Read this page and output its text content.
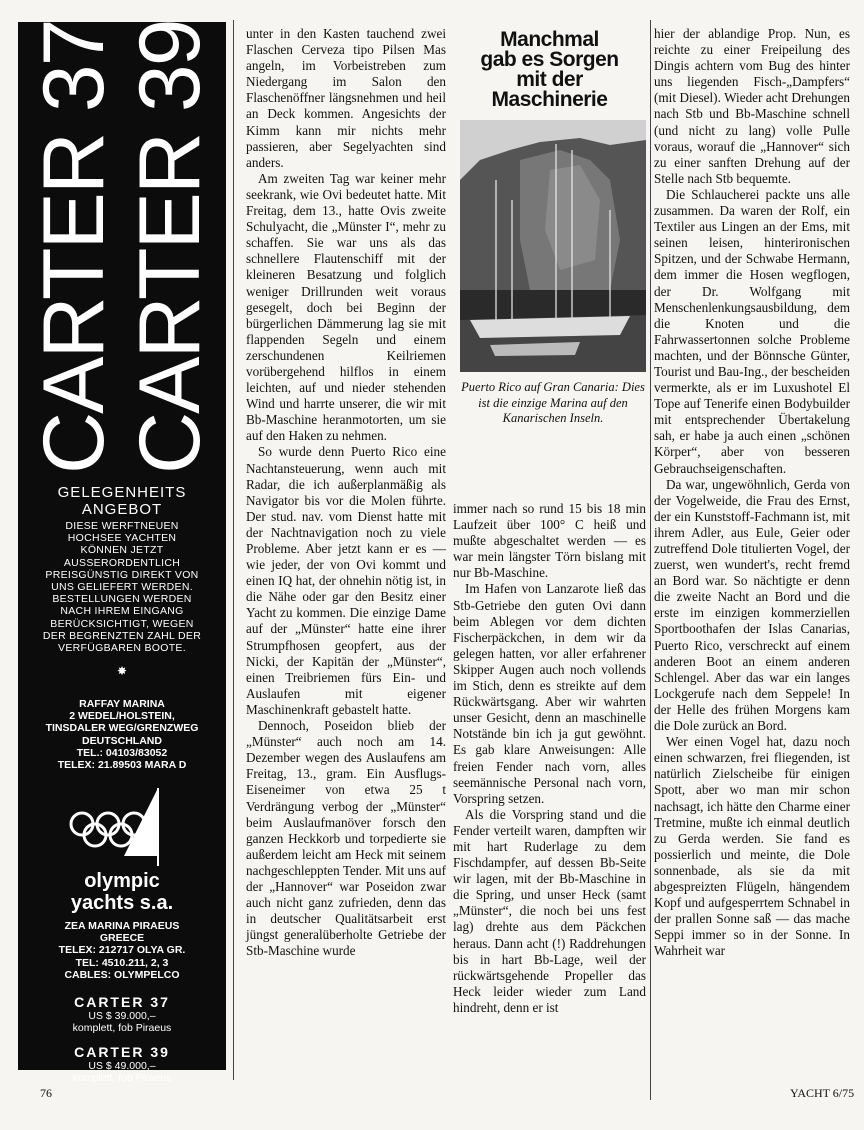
CARTER 37 CARTER 39
GELEGENHEITS
ANGEBOT
DIESE WERFTNEUEN
HOCHSEE YACHTEN
KÖNNEN JETZT
AUSSERORDENTLICH
PREISGÜNSTIG DIREKT VON
UNS GELIEFERT WERDEN.
BESTELLUNGEN WERDEN
NACH IHREM EINGANG
BERÜCKSICHTIGT, WEGEN
DER BEGRENZTEN ZAHL DER
VERFÜGBAREN BOOTE.
✸
RAFFAY MARINA
2 WEDEL/HOLSTEIN,
TINSDALER WEG/GRENZWEG
DEUTSCHLAND
TEL.: 04103/83052
TELEX: 21.89503 MARA D
olympic
yachts s.a.
ZEA MARINA PIRAEUS
GREECE
TELEX: 212717 OLYA GR.
TEL: 4510.211, 2, 3
CABLES: OLYMPELCO
CARTER 37
US $ 39.000,–
komplett, fob Piraeus
CARTER 39
US $ 49.000,–
komplett, fob Piraeus

unter in den Kasten tauchend zwei Flaschen Cerveza tipo Pilsen Mas angeln, im Vorbeistreben zum Niedergang im Salon den Flaschenöffner längsnehmen und heil an Deck kommen. Angesichts der Kimm kann mir nichts mehr passieren, aber Segelyachten sind anders.

Am zweiten Tag war keiner mehr seekrank, wie Ovi bedeutet hatte. Mit Freitag, dem 13., hatte Ovis zweite Schulyacht, die „Münster I“, mehr zu schaffen. Sie war uns als das schnellere Flautenschiff mit der kleineren Besatzung und folglich weniger Drillrunden weit voraus gesegelt, doch bei Beginn der bürgerlichen Dämmerung lag sie mit flappenden Segeln und einem zerschundenen Keilriemen vorübergehend hilflos in einem leichten, auf und nieder stehenden Wind und harrte unserer, die wir mit Bb-Maschine heranmotorten, um sie auf den Haken zu nehmen.

So wurde denn Puerto Rico eine Nachtansteuerung, wenn auch mit Radar, die ich außerplanmäßig als Navigator bis vor die Molen führte. Der stud. nav. vom Dienst hatte mit der Nachtnavigation noch zu viele Probleme. Aber jetzt kann er es — wie jeder, der von Ovi kommt und einen IQ hat, der ohnehin nötig ist, in die Nähe oder gar den Besitz einer Yacht zu kommen. Die einzige Dame auf der „Münster“ hatte eine ihrer Strumpfhosen geopfert, aus der Nicki, der Kapitän der „Münster“, einen Treibriemen fürs Ein- und Auslaufen mit eigener Maschinenkraft gebastelt hatte.

Dennoch, Poseidon blieb der „Münster“ auch noch am 14. Dezember wegen des Auslaufens am Freitag, 13., gram. Ein Ausflugs-Eiseneimer von etwa 25 t Verdrängung verbog der „Münster“ beim Auslaufmanöver forsch den ganzen Heckkorb und torpedierte sie außerdem leicht am Heck mit seinem nachgeschleppten Tender. Mit uns auf der „Hannover“ war Poseidon zwar auch nicht ganz zufrieden, denn das in deutscher Qualitätsarbeit erst jüngst generalüberholte Getriebe der Stb-Maschine wurde

Manchmal
gab es Sorgen
mit der
Maschinerie
Puerto Rico auf Gran Canaria: Dies ist die einzige Marina auf den Kanarischen Inseln.

immer nach so rund 15 bis 18 min Laufzeit über 100° C heiß und mußte abgeschaltet werden — es war mein längster Törn bislang mit nur Bb-Maschine.

Im Hafen von Lanzarote ließ das Stb-Getriebe den guten Ovi dann beim Ablegen vor dem dichten Fischerpäckchen, in dem wir da gelegen hatten, vor aller erfahrener Skipper Augen auch noch vollends im Stich, denn es streikte auf dem Rückwärtsgang. Aber wir wahrten unser Gesicht, denn an maschinelle Notstände bin ich ja gut gewöhnt. Es gab klare Anweisungen: Alle freien Fender nach vorn, alles seemännische Personal nach vorn, Vorspring setzen.

Als die Vorspring stand und die Fender verteilt waren, dampften wir mit hart Ruderlage zu dem Fischdampfer, auf dessen Bb-Seite wir lagen, mit der Bb-Maschine in die Spring, und unser Heck (samt „Münster“, die noch bei uns fest lag) drehte aus dem Päckchen heraus. Dann acht (!) Raddrehungen bis in hart Bb-Lage, weil der rückwärtsgehende Propeller das Heck leider wieder zum Land hindreht, denn er ist

hier der ablandige Prop. Nun, es reichte zu einer Freipeilung des Dingis achtern vom Bug des hinter uns liegenden Fisch-„Dampfers“ (mit Diesel). Wieder acht Drehungen nach Stb und Bb-Maschine schnell (und nicht zu lang) volle Pulle voraus, worauf die „Hannover“ sich zu einer sanften Drehung auf der Stelle nach Stb bequemte.

Die Schlaucherei packte uns alle zusammen. Da waren der Rolf, ein Textiler aus Lingen an der Ems, mit seinen leisen, hinterironischen Spitzen, und der Schwabe Hermann, dem immer die Hosen wegflogen, der Dr. Wolfgang mit Menschenlenkungsausbildung, dem die Knoten und die Fahrwassertonnen solche Probleme machten, und der Bönnsche Günter, Tourist und Bau-Ing., der bescheiden vermerkte, als er im Luxushotel El Tope auf Tenerife einen Bodybuilder mit entsprechender Übertakelung sah, er habe ja auch einen „schönen Körper“, aber von besseren Gebrauchseigenschaften.

Da war, ungewöhnlich, Gerda von der Vogelweide, die Frau des Ernst, der ein Kunststoff-Fachmann ist, mit ihrem Adler, aus Eule, Geier oder zutreffend Dole titulierten Vogel, der zuerst, wen wundert's, recht fremd an Bord war. So nächtigte er denn die zweite Nacht an Bord und die erste im einzigen kommerziellen Sportboothafen der Islas Canarias, Puerto Rico, verschreckt auf einem anderen Boot an einem anderen Schlengel. Aber das war ein langes Lockgerufe nach dem Seppele! In der Helle des frühen Morgens kam die Dole zurück an Bord.

Wer einen Vogel hat, dazu noch einen schwarzen, frei fliegenden, ist natürlich Zielscheibe für einigen Spott, aber wo man mir schon nachsagt, ich hätte den Charme einer Tretmine, mußte ich einmal deutlich zu Gerda werden. Sie fand es possierlich und meinte, die Dole sonnenbade, als sie da mit abgespreizten Flügeln, hängendem Kopf und aufgesperrtem Schnabel in der prallen Sonne saß — das mache Seppi immer so in der Sonne. In Wahrheit war

76	YACHT 6/75
